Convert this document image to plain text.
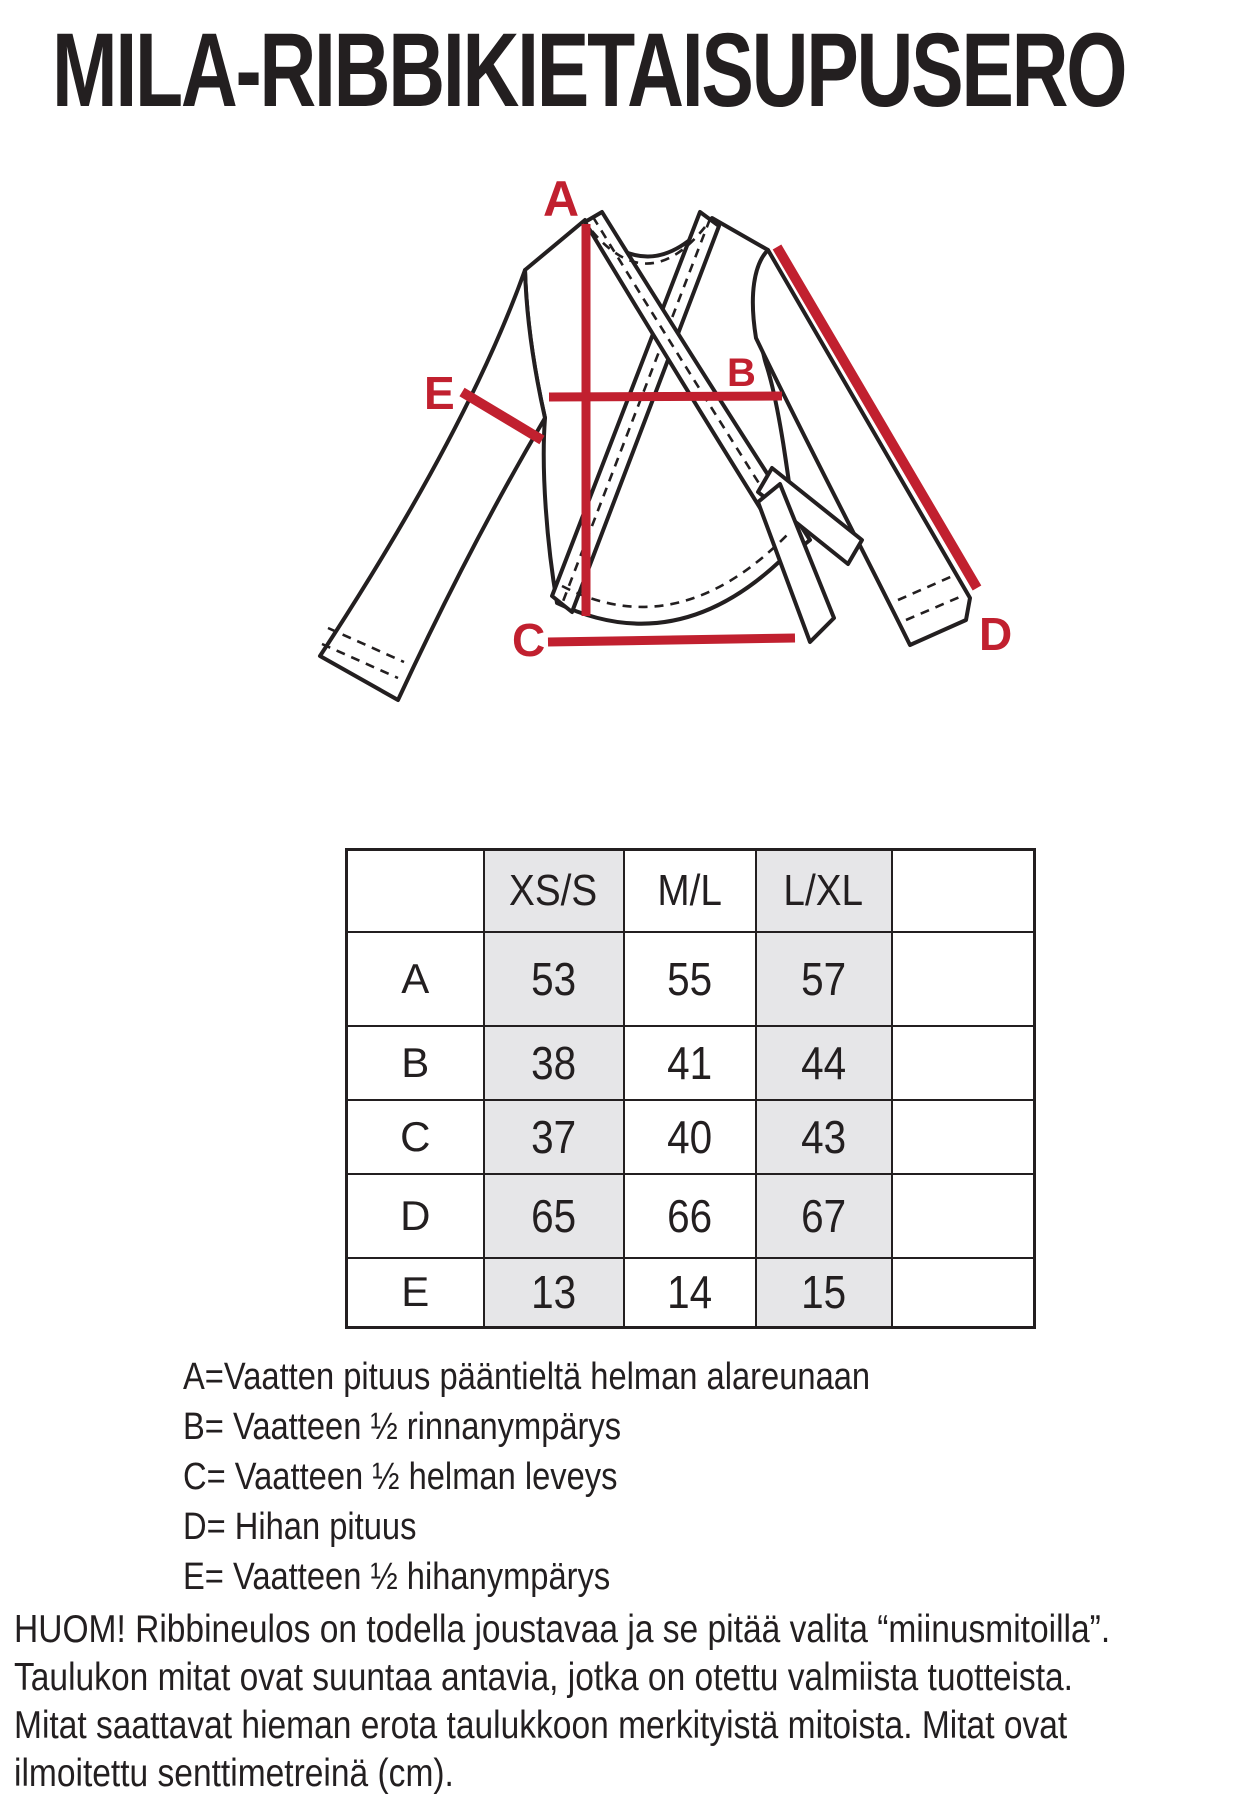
MILA-RIBBIKIETAISUPUSERO
A
B
C	D
E
	XS/S	M/L	L/XL	
A	53	55	57	
B	38	41	44	
C	37	40	43	
D	65	66	67	
E	13	14	15	
A=Vaatten pituus pääntieltä helman alareunaan
B= Vaatteen ½ rinnanympärys
C= Vaatteen ½ helman leveys
D= Hihan pituus
E= Vaatteen ½ hihanympärys
HUOM! Ribbineulos on todella joustavaa ja se pitää valita “miinusmitoilla”.
Taulukon mitat ovat suuntaa antavia, jotka on otettu valmiista tuotteista.
Mitat saattavat hieman erota taulukkoon merkityistä mitoista. Mitat ovat
ilmoitettu senttimetreinä (cm).
